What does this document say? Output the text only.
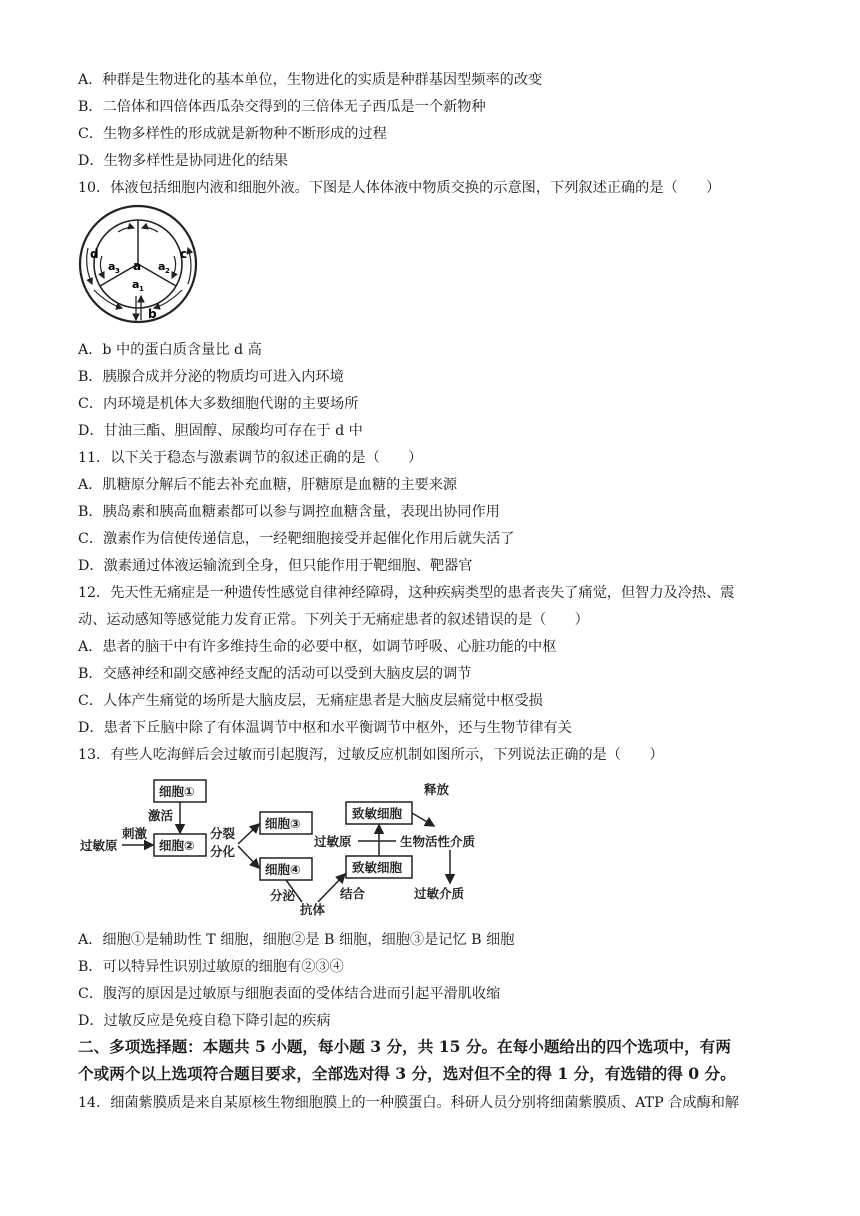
A．种群是生物进化的基本单位，生物进化的实质是种群基因型频率的改变
B．二倍体和四倍体西瓜杂交得到的三倍体无子西瓜是一个新物种
C．生物多样性的形成就是新物种不断形成的过程
D．生物多样性是协同进化的结果
10．体液包括细胞内液和细胞外液。下图是人体体液中物质交换的示意图，下列叙述正确的是（　　）
a
a 1
a 2
a 3
b
c
d
A．b 中的蛋白质含量比 d 高
B．胰腺合成并分泌的物质均可进入内环境
C．内环境是机体大多数细胞代谢的主要场所
D．甘油三酯、胆固醇、尿酸均可存在于 d 中
11．以下关于稳态与激素调节的叙述正确的是（　　）
A．肌糖原分解后不能去补充血糖，肝糖原是血糖的主要来源
B．胰岛素和胰高血糖素都可以参与调控血糖含量，表现出协同作用
C．激素作为信使传递信息，一经靶细胞接受并起催化作用后就失活了
D．激素通过体液运输流到全身，但只能作用于靶细胞、靶器官
12．先天性无痛症是一种遗传性感觉自律神经障碍，这种疾病类型的患者丧失了痛觉，但智力及冷热、震
动、运动感知等感觉能力发育正常。下列关于无痛症患者的叙述错误的是（　　）
A．患者的脑干中有许多维持生命的必要中枢，如调节呼吸、心脏功能的中枢
B．交感神经和副交感神经支配的活动可以受到大脑皮层的调节
C．人体产生痛觉的场所是大脑皮层，无痛症患者是大脑皮层痛觉中枢受损
D．患者下丘脑中除了有体温调节中枢和水平衡调节中枢外，还与生物节律有关
13．有些人吃海鲜后会过敏而引起腹泻，过敏反应机制如图所示，下列说法正确的是（　　）
细胞①
细胞②
细胞③
细胞④
致敏细胞
致敏细胞
过敏原
刺激
激活
分裂
分化
分泌
抗体
结合
过敏原
释放
生物活性介质
过敏介质
A．细胞①是辅助性 T 细胞，细胞②是 B 细胞，细胞③是记忆 B 细胞
B．可以特异性识别过敏原的细胞有②③④
C．腹泻的原因是过敏原与细胞表面的受体结合进而引起平滑肌收缩
D．过敏反应是免疫自稳下降引起的疾病
二、多项选择题：本题共 5 小题，每小题 3 分，共 15 分。在每小题给出的四个选项中，有两
个或两个以上选项符合题目要求，全部选对得 3 分，选对但不全的得 1 分，有选错的得 0 分。
14．细菌紫膜质是来自某原核生物细胞膜上的一种膜蛋白。科研人员分别将细菌紫膜质、ATP 合成酶和解
